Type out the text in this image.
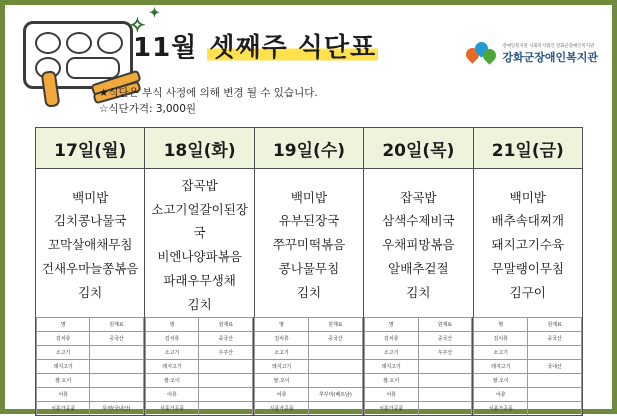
✧
✦
11월 셋째주 식단표
★식단은 부식 사정에 의해 변경 될 수 있습니다.
☆식단가격: 3,000원
장애인복지관 사회복지법인 강화군장애인복지관
강화군장애인복지관
17일(월)	18일(화)	19일(수)	20일(목)	21일(금)

백미밥
김치콩나물국
꼬막살애채무침
건새우마늘쫑볶음
김치

잡곡밥
소고기얼갈이된장국
비엔나양파볶음
파래우무생채
김치

백미밥
유부된장국
쭈꾸미떡볶음
콩나물무침
김치

잡곡밥
삼색수제비국
우채피망볶음
알배추겉절
김치

백미밥
배추속대찌개
돼지고기수육
무말랭이무침
김구이
명	원재료
김치류	중국산
소고기	
돼지고기	
쌀.오이	
어류	
식품가공품	무역(국내산)
명	원재료
김치류	중국산
소고기	우주산
돼지고기	
쌀.오이	
어류	
식품가공품	
명	원재료
김치류	중국산
소고기	
돼지고기	
쌀.오이	
어류	쭈꾸미(베트남)
식품가공품	
명	원재료
김치류	중국산
소고기	우주산
돼지고기	
쌀.오이	
어류	
식품가공품	
명	원재료
김치류	중국산
소고기	
돼지고기	국내산
쌀.오이	
어류	
식품가공품	
